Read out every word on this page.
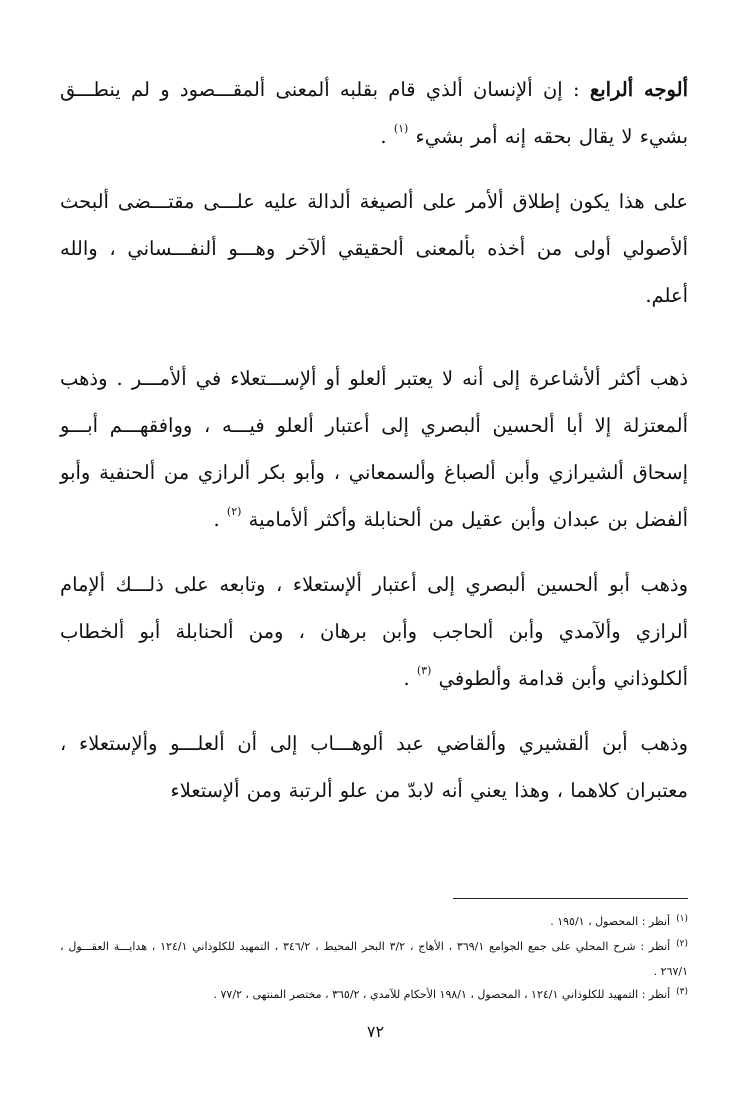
ألوجه ألرابع : إن ألإنسان ألذي قام بقلبه ألمعنى ألمقـــصود و لم ينطـــق بشيء لا يقال بحقه إنه أمر بشيء $^{(١)}$ .

على هذا يكون إطلاق ألأمر على ألصيغة ألدالة عليه علـــى مقتـــضى ألبحث ألأصولي أولى من أخذه بألمعنى ألحقيقي ألآخر وهـــو ألنفـــساني ، والله أعلم.

ذهب أكثر ألأشاعرة إلى أنه لا يعتبر ألعلو أو ألإســـتعلاء في ألأمـــر . وذهب ألمعتزلة إلا أبا ألحسين ألبصري إلى أعتبار ألعلو فيـــه ، ووافقهـــم أبـــو إسحاق ألشيرازي وأبن ألصباغ وألسمعاني ، وأبو بكر ألرازي من ألحنفية وأبو ألفضل بن عبدان وأبن عقيل من ألحنابلة وأكثر ألأمامية $^{(٢)}$ .

وذهب أبو ألحسين ألبصري إلى أعتبار ألإستعلاء ، وتابعه على ذلـــك ألإمام ألرازي وألآمدي وأبن ألحاجب وأبن برهان ، ومن ألحنابلة أبو ألخطاب ألكلوذاني وأبن قدامة وألطوفي $^{(٣)}$ .

وذهب أبن ألقشيري وألقاضي عبد ألوهـــاب إلى أن ألعلـــو وألإستعلاء ، معتبران كلاهما ، وهذا يعني أنه لابدّ من علو ألرتبة ومن ألإستعلاء

(١)أنظر : المحصول ، ١٩٥/١ .

(٢)أنظر : شرح المحلي على جمع الجوامع ٣٦٩/١ ، الأهاج ، ٣/٢ البحر المحيط ، ٣٤٦/٢ ، التمهيد للكلوذاني ١٢٤/١ ، هدايـــة العقـــول ، ٢٦٧/١ .

(٣)أنظر : التمهيد للكلوذاني ١٢٤/١ ، المحصول ، ١٩٨/١ الأحكام للآمدي ، ٣٦٥/٢ ، مختصر المنتهى ، ٧٧/٢ .

٧٢
